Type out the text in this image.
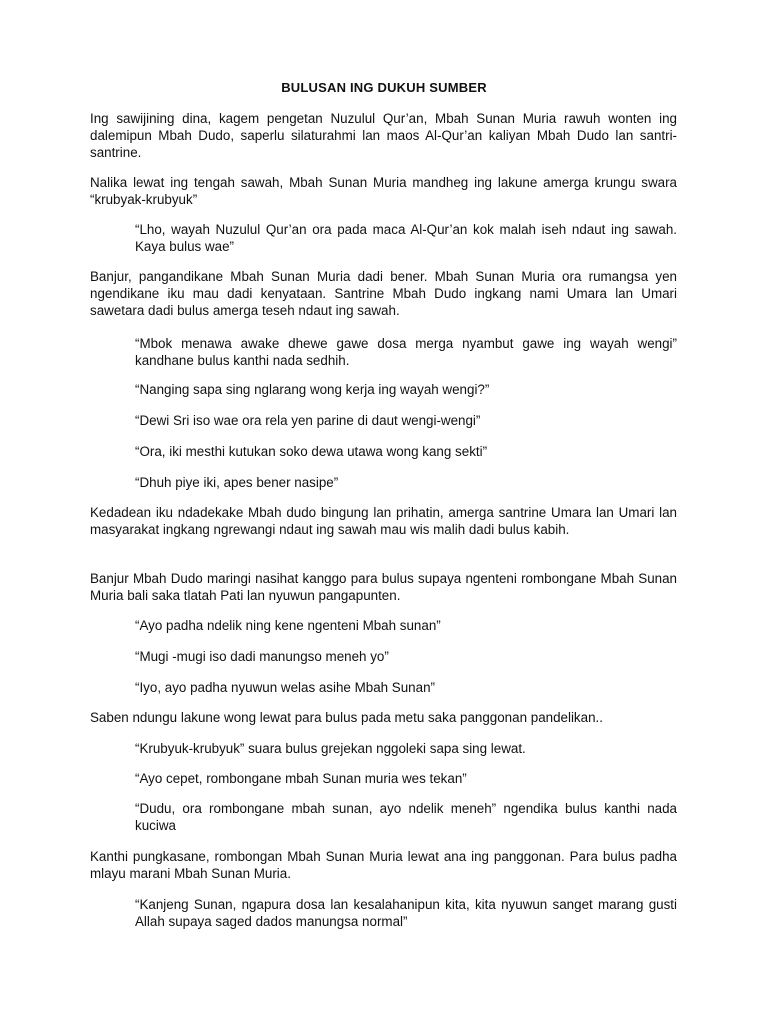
BULUSAN ING DUKUH SUMBER

Ing sawijining dina, kagem pengetan Nuzulul Qur’an, Mbah Sunan Muria rawuh wonten ing dalemipun Mbah Dudo, saperlu silaturahmi lan maos Al-Qur’an kaliyan Mbah Dudo lan santri-santrine.

Nalika lewat ing tengah sawah, Mbah Sunan Muria mandheg ing lakune amerga krungu swara “krubyak-krubyuk”

“Lho, wayah Nuzulul Qur’an ora pada maca Al-Qur’an kok malah iseh ndaut ing sawah. Kaya bulus wae”

Banjur, pangandikane Mbah Sunan Muria dadi bener. Mbah Sunan Muria ora rumangsa yen ngendikane iku mau dadi kenyataan. Santrine Mbah Dudo ingkang nami Umara lan Umari sawetara dadi bulus amerga teseh ndaut ing sawah.

“Mbok menawa awake dhewe gawe dosa merga nyambut gawe ing wayah wengi” kandhane bulus kanthi nada sedhih.

“Nanging sapa sing nglarang wong kerja ing wayah wengi?”

“Dewi Sri iso wae ora rela yen parine di daut wengi-wengi”

“Ora, iki mesthi kutukan soko dewa utawa wong kang sekti”

“Dhuh piye iki, apes bener nasipe”

Kedadean iku ndadekake Mbah dudo bingung lan prihatin, amerga santrine Umara lan Umari lan masyarakat ingkang ngrewangi ndaut ing sawah mau wis malih dadi bulus kabih.

Banjur Mbah Dudo maringi nasihat kanggo para bulus supaya ngenteni rombongane Mbah Sunan Muria bali saka tlatah Pati lan nyuwun pangapunten.

“Ayo padha ndelik ning kene ngenteni Mbah sunan”

“Mugi -mugi iso dadi manungso meneh yo”

“Iyo, ayo padha nyuwun welas asihe Mbah Sunan”

Saben ndungu lakune wong lewat para bulus pada metu saka panggonan pandelikan..

“Krubyuk-krubyuk” suara bulus grejekan nggoleki sapa sing lewat.

“Ayo cepet, rombongane mbah Sunan muria wes tekan”

“Dudu, ora rombongane mbah sunan, ayo ndelik meneh” ngendika bulus kanthi nada kuciwa

Kanthi pungkasane, rombongan Mbah Sunan Muria lewat ana ing panggonan. Para bulus padha mlayu marani Mbah Sunan Muria.

“Kanjeng Sunan, ngapura dosa lan kesalahanipun kita, kita nyuwun sanget marang gusti Allah supaya saged dados manungsa normal”
